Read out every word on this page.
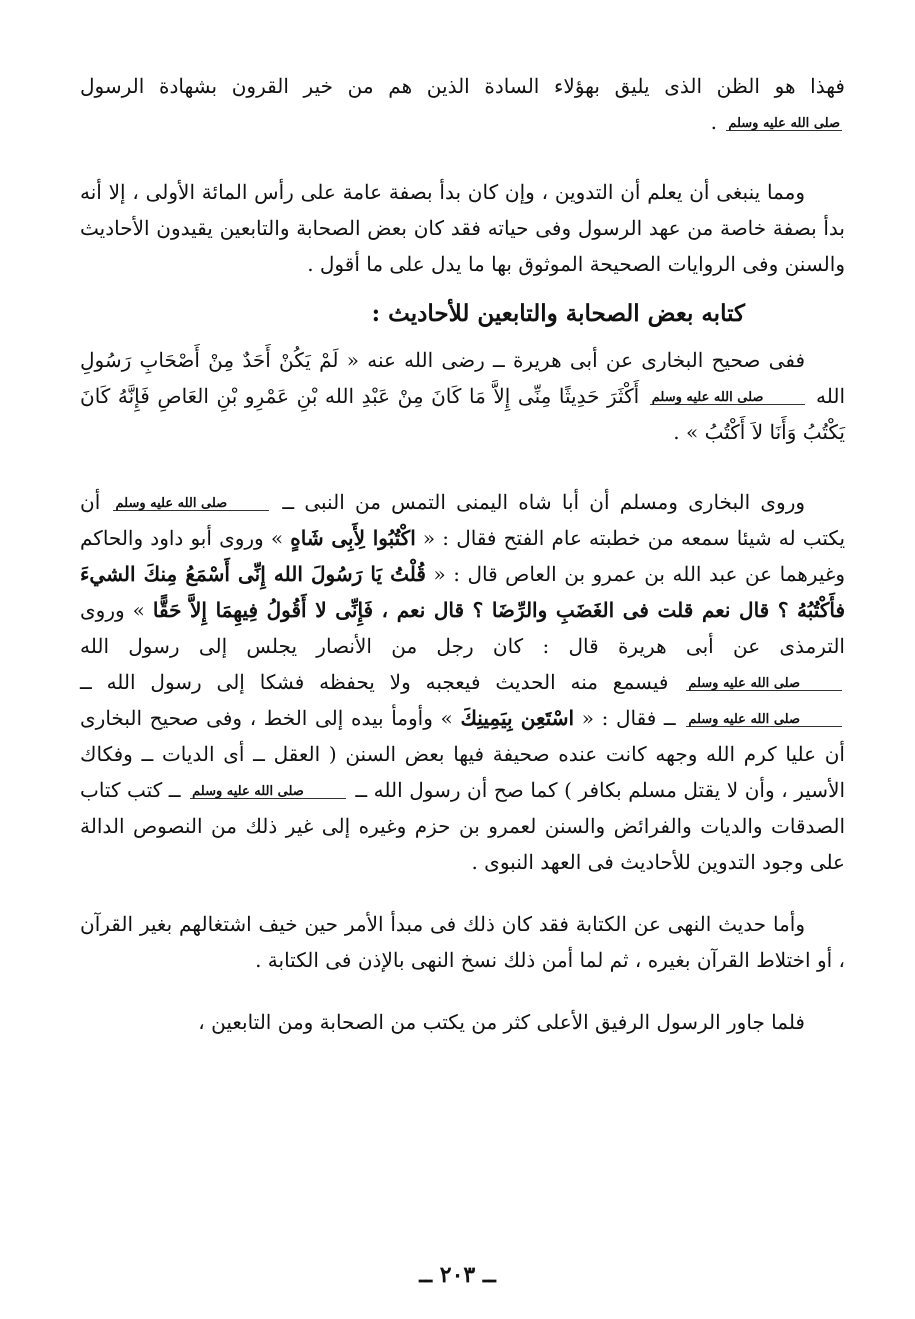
فهذا هو الظن الذى يليق بهؤلاء السادة الذين هم من خير القرون بشهادة الرسول صلى الله عليه وسلم .

ومما ينبغى أن يعلم أن التدوين ، وإن كان بدأ بصفة عامة على رأس المائة الأولى ، إلا أنه بدأ بصفة خاصة من عهد الرسول وفى حياته فقد كان بعض الصحابة والتابعين يقيدون الأحاديث والسنن وفى الروايات الصحيحة الموثوق بها ما يدل على ما أقول .

كتابه بعض الصحابة والتابعين للأحاديث :

ففى صحيح البخارى عن أبى هريرة ــ رضى الله عنه « لَمْ يَكُنْ أَحَدٌ مِنْ أَصْحَابِ رَسُولِ الله صلى الله عليه وسلم أَكْثَرَ حَدِيثًا مِنِّى إِلاَّ مَا كَانَ مِنْ عَبْدِ الله بْنِ عَمْرِو بْنِ العَاصِ فَإِنَّهُ كَانَ يَكْتُبُ وَأَنَا لاَ أَكْتُبُ » .

وروى البخارى ومسلم أن أبا شاه اليمنى التمس من النبى ــ صلى الله عليه وسلم أن يكتب له شيئا سمعه من خطبته عام الفتح فقال : « اكْتُبُوا لِأَبِى شَاهٍ » وروى أبو داود والحاكم وغيرهما عن عبد الله بن عمرو بن العاص قال : « قُلْتُ يَا رَسُولَ الله إِنِّى أَسْمَعُ مِنكَ الشيءَ فأَكْتُبُهُ ؟ قال نعم قلت فى الغَضَبِ والرِّضَا ؟ قال نعم ، فَإِنِّى لا أَقُولُ فِيهِمَا إِلاَّ حَقًّا » وروى الترمذى عن أبى هريرة قال : كان رجل من الأنصار يجلس إلى رسول الله صلى الله عليه وسلم فيسمع منه الحديث فيعجبه ولا يحفظه فشكا إلى رسول الله ــ صلى الله عليه وسلم ــ فقال : « اسْتَعِن بِيَمِينِكَ » وأومأ بيده إلى الخط ، وفى صحيح البخارى أن عليا كرم الله وجهه كانت عنده صحيفة فيها بعض السنن ( العقل ــ أى الديات ــ وفكاك الأسير ، وأن لا يقتل مسلم بكافر ) كما صح أن رسول الله ــ صلى الله عليه وسلم ــ كتب كتاب الصدقات والديات والفرائض والسنن لعمرو بن حزم وغيره إلى غير ذلك من النصوص الدالة على وجود التدوين للأحاديث فى العهد النبوى .

وأما حديث النهى عن الكتابة فقد كان ذلك فى مبدأ الأمر حين خيف اشتغالهم بغير القرآن ، أو اختلاط القرآن بغيره ، ثم لما أمن ذلك نسخ النهى بالإذن فى الكتابة .

فلما جاور الرسول الرفيق الأعلى كثر من يكتب من الصحابة ومن التابعين ،

ــ ٢٠٣ ــ
